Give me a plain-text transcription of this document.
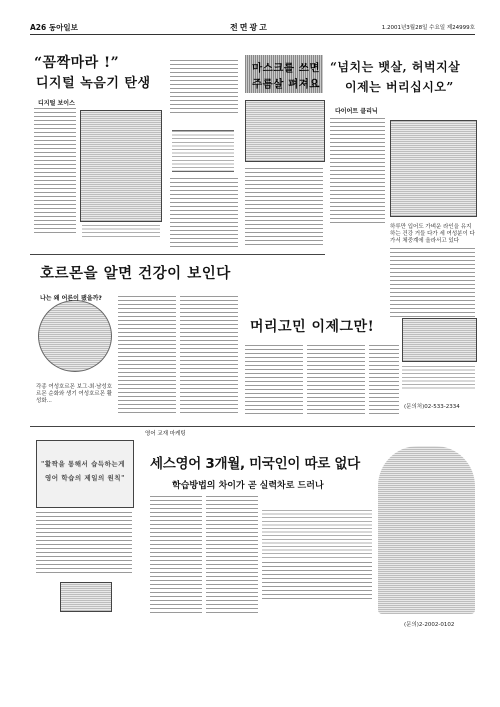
A26 동아일보	전면광고	1.2001년3월28일 수요일 제24999호
“꼼짝마라 !”
디지털 녹음기 탄생
디지털 보이스
마스크를 쓰면
주름살 펴져요
“넘치는 뱃살, 허벅지살
이제는 버리십시오”
다이어트 클리닉
하루만 입어도 가벼운 라인을 유지하는 건강 거들 다가 세 여성분이 다가서 체중계에 올라서고 있다
호르몬을 알면 건강이 보인다
나는 왜 어른이 됐을까?
각종 여성호르몬 보그·최·남성호르몬 순화와 생기 여성호르몬 활성화...
머리고민 이제그만!
(문의처)02-533-2334
영어 교재 마케팅
"활짝을 통해서 습득하는게
영어 학습의 제일의 원칙"
세스영어 3개월, 미국인이 따로 없다
학습방법의 차이가 곧 실력차로 드러나
(문의)2-2002-0102
